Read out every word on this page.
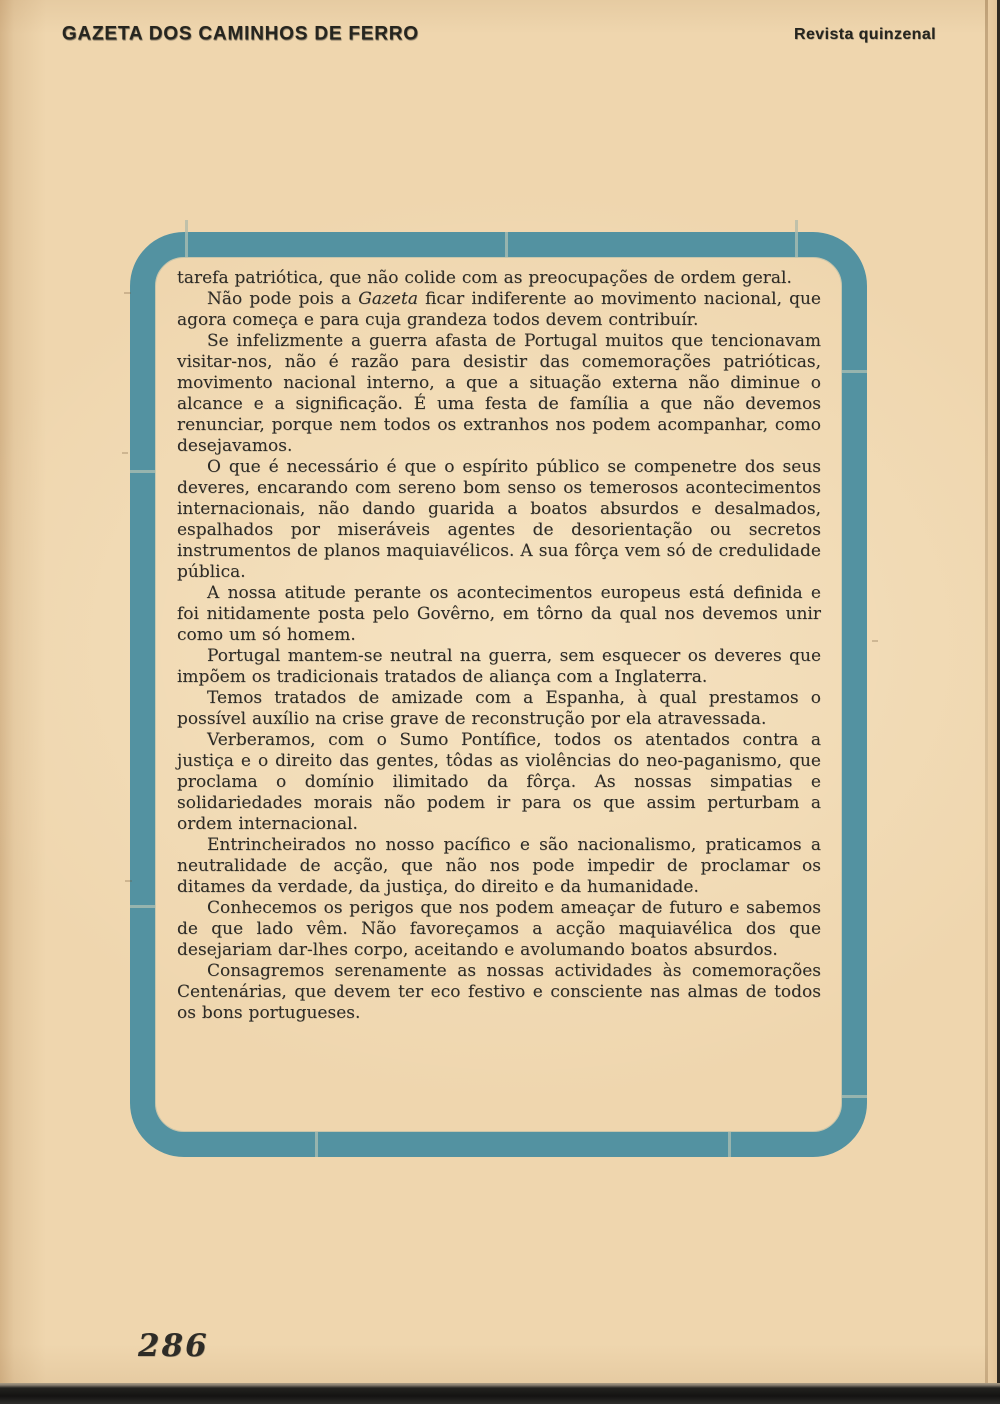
GAZETA DOS CAMINHOS DE FERRO	Revista quinzenal

tarefa patriótica, que não colide com as preocupações de ordem geral.

Não pode pois a Gazeta ficar indiferente ao movimento nacional, que agora começa e para cuja grandeza todos devem contribuír.

Se infelizmente a guerra afasta de Portugal muitos que tencionavam visitar-nos, não é razão para desistir das comemorações patrióticas, movimento nacional interno, a que a situação externa não diminue o alcance e a significação. É uma festa de família a que não devemos renunciar, porque nem todos os extranhos nos podem acompanhar, como desejavamos.

O que é necessário é que o espírito público se compenetre dos seus deveres, encarando com sereno bom senso os temerosos acontecimentos internacionais, não dando guarida a boatos absurdos e desalmados, espalhados por miseráveis agentes de desorientação ou secretos instrumentos de planos maquiavélicos. A sua fôrça vem só de credulidade pública.

A nossa atitude perante os acontecimentos europeus está definida e foi nitidamente posta pelo Govêrno, em tôrno da qual nos devemos unir como um só homem.

Portugal mantem-se neutral na guerra, sem esquecer os deveres que impõem os tradicionais tratados de aliança com a Inglaterra.

Temos tratados de amizade com a Espanha, à qual prestamos o possível auxílio na crise grave de reconstrução por ela atravessada.

Verberamos, com o Sumo Pontífice, todos os atentados contra a justiça e o direito das gentes, tôdas as violências do neo-paganismo, que proclama o domínio ilimitado da fôrça. As nossas simpatias e solidariedades morais não podem ir para os que assim perturbam a ordem internacional.

Entrincheirados no nosso pacífico e são nacionalismo, praticamos a neutralidade de acção, que não nos pode impedir de proclamar os ditames da verdade, da justiça, do direito e da humanidade.

Conhecemos os perigos que nos podem ameaçar de futuro e sabemos de que lado vêm. Não favoreçamos a acção maquiavélica dos que desejariam dar-lhes corpo, aceitando e avolumando boatos absurdos.

Consagremos serenamente as nossas actividades às comemorações Centenárias, que devem ter eco festivo e consciente nas almas de todos os bons portugueses.

286
